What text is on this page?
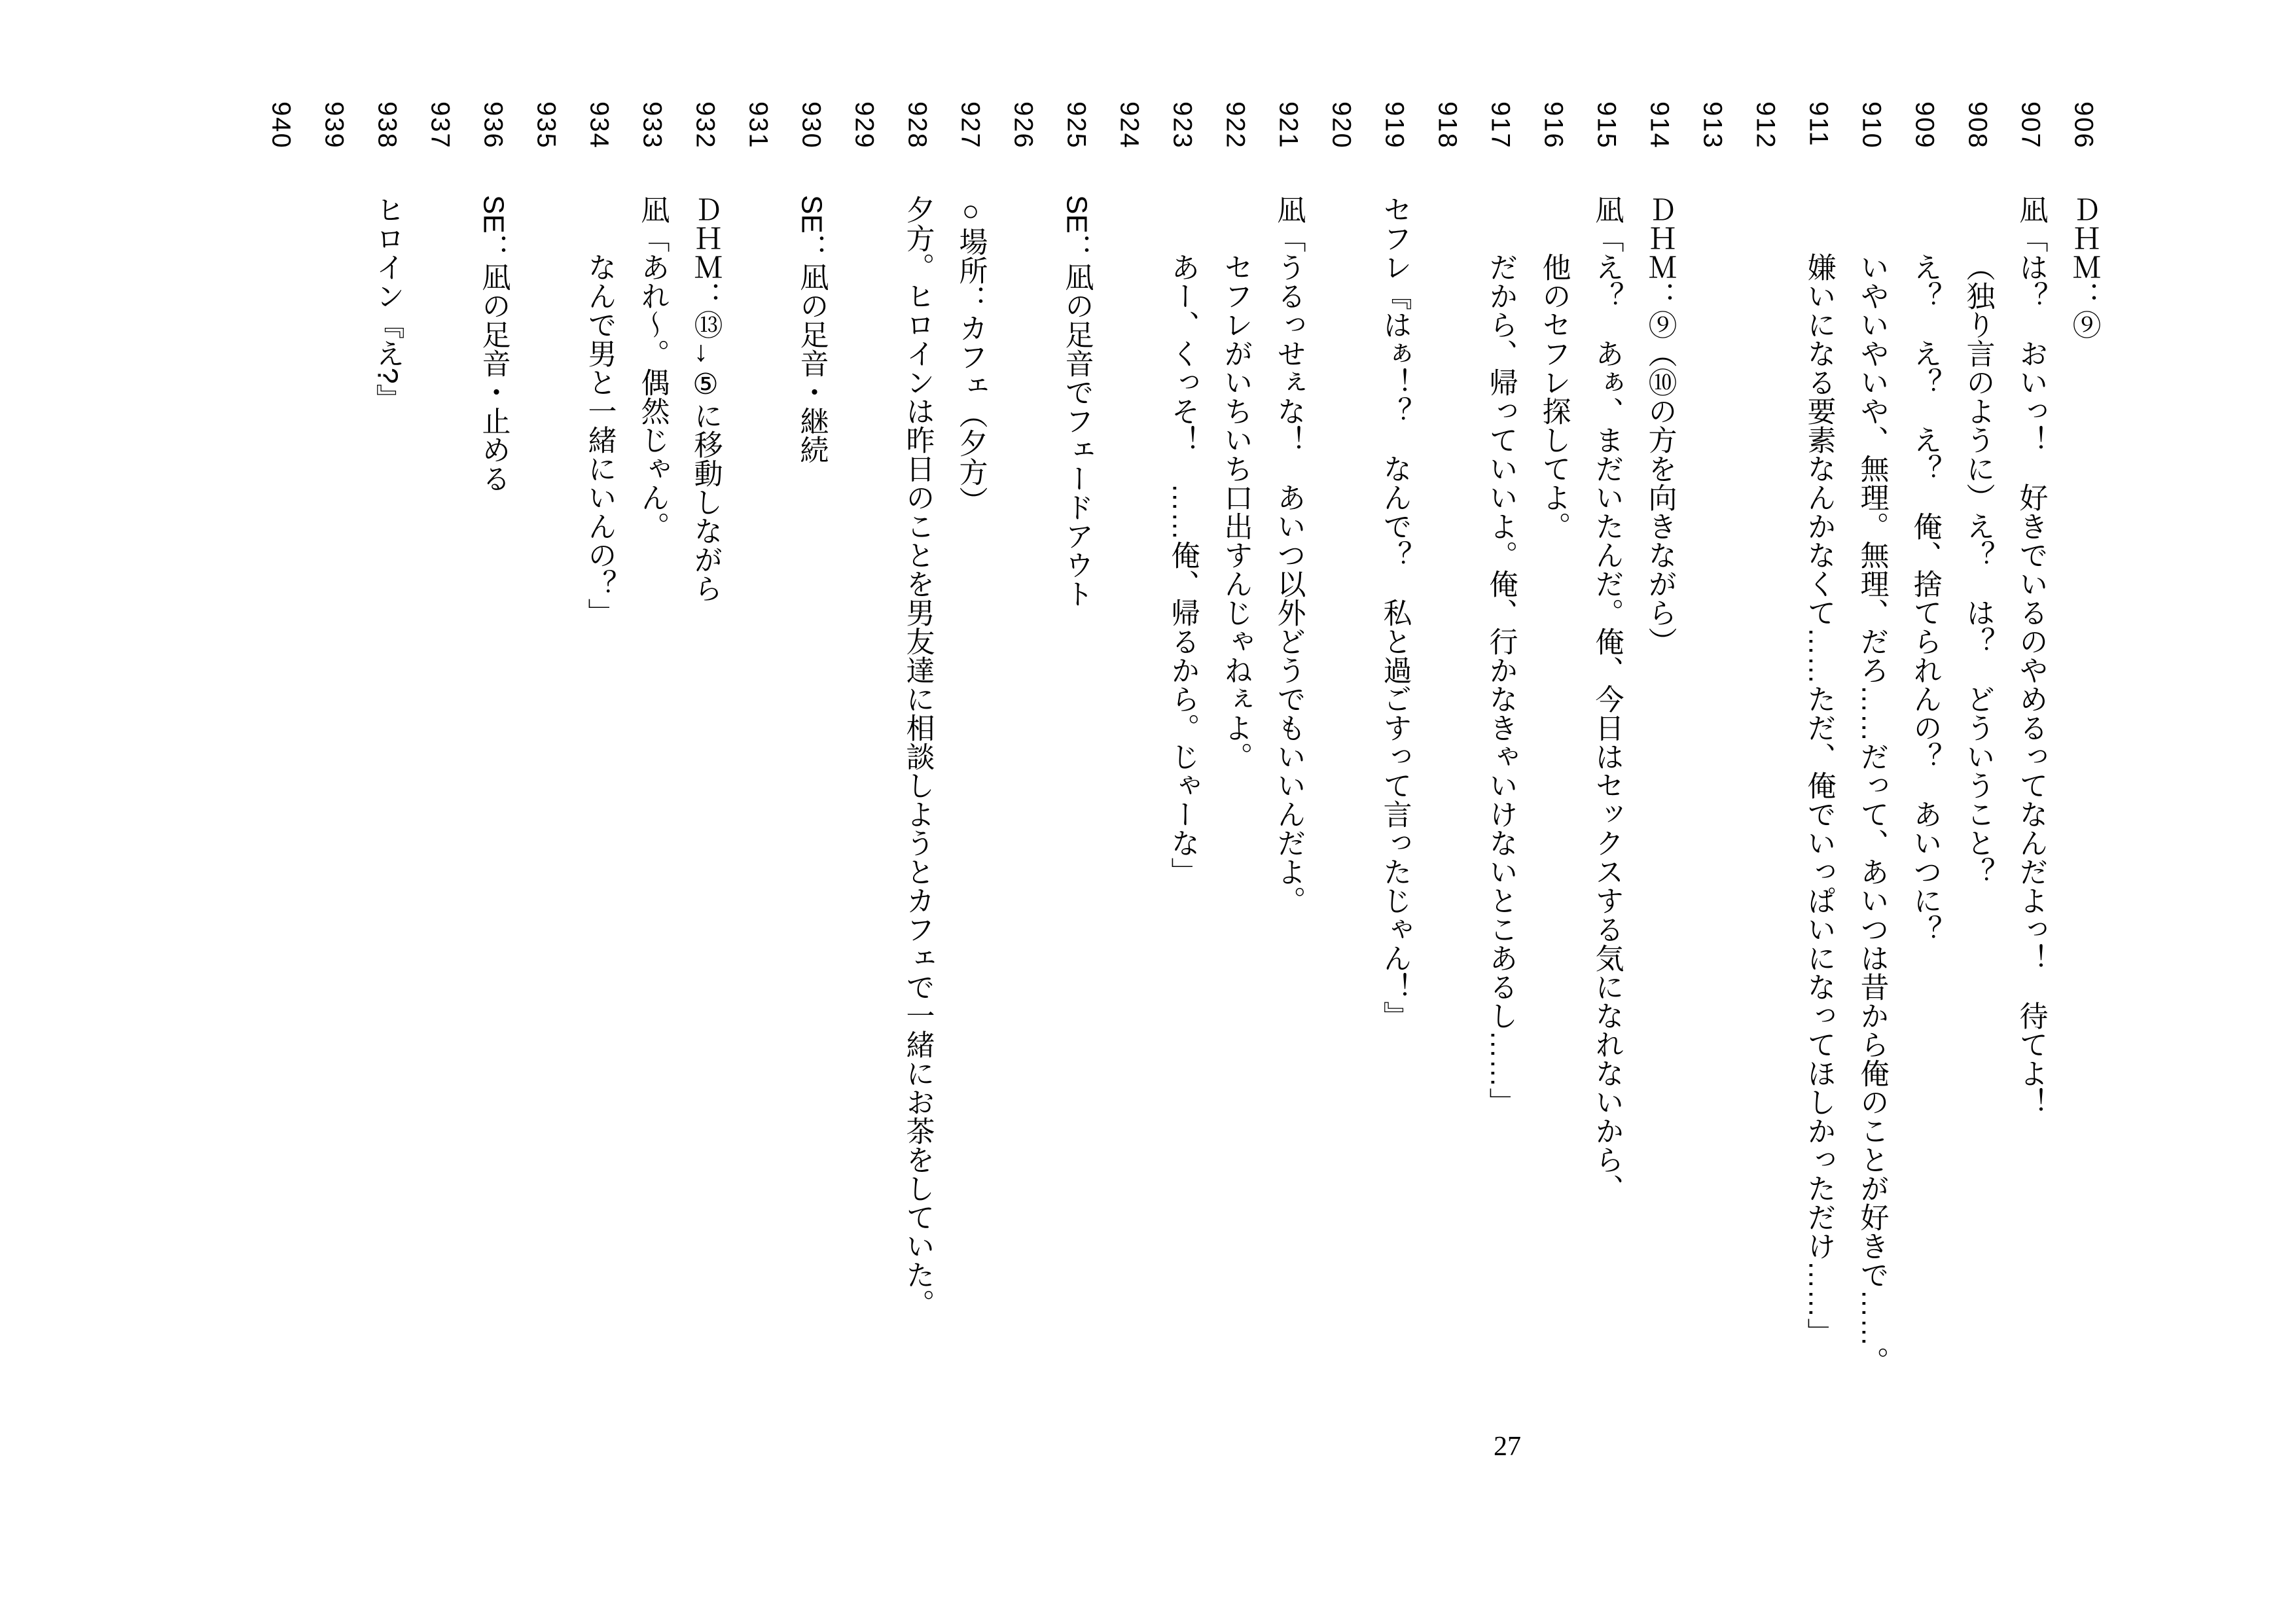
906
ＤＨＭ：⑨
907
凪「は？　おいっ！　好きでいるのやめるってなんだよっ！　待てよ！
908
（独り言のように）え？　は？　どういうこと？
909
え？　え？　え？　俺、捨てられんの？　あいつに？
910
いやいやいや、無理。無理、だろ……だって、あいつは昔から俺のことが好きで……。
911
嫌いになる要素なんかなくて……ただ、俺でいっぱいになってほしかっただけ……」
912
913
914
ＤＨＭ：⑨（⑩の方を向きながら）
915
凪「え？　あぁ、まだいたんだ。俺、今日はセックスする気になれないから、
916
他のセフレ探してよ。
917
だから、帰っていいよ。俺、行かなきゃいけないとこあるし……」
918
919
セフレ『はぁ！？　なんで？　私と過ごすって言ったじゃん！』
920
921
凪「うるっせぇな！　あいつ以外どうでもいいんだよ。
922
セフレがいちいち口出すんじゃねぇよ。
923
あー、くっそ！　……俺、帰るから。じゃーな」
924
925
SE：凪の足音でフェードアウト
926
927
○場所：カフェ（夕方）
928
夕方。ヒロインは昨日のことを男友達に相談しようとカフェで一緒にお茶をしていた。
929
930
SE：凪の足音・継続
931
932
ＤＨＭ：⑬→⑤に移動しながら
933
凪「あれ～。偶然じゃん。
934
なんで男と一緒にいんの？」
935
936
SE：凪の足音・止める
937
938
ヒロイン『え?』
939
940
27
